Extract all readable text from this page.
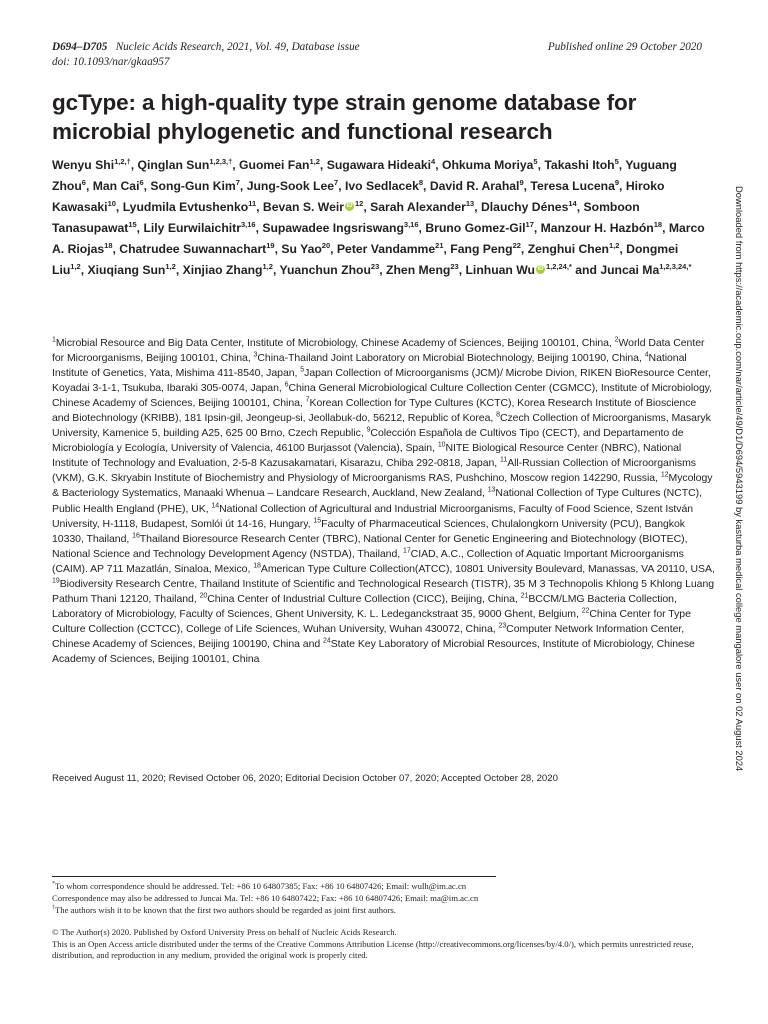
D694–D705 Nucleic Acids Research, 2021, Vol. 49, Database issue
doi: 10.1093/nar/gkaa957
Published online 29 October 2020
gcType: a high-quality type strain genome database for microbial phylogenetic and functional research

Wenyu Shi$^{1,2,\dagger}$, Qinglan Sun$^{1,2,3,\dagger}$, Guomei Fan$^{1,2}$, Sugawara Hideaki$^4$, Ohkuma Moriya$^5$, Takashi Itoh$^5$, Yuguang Zhou$^6$, Man Cai$^6$, Song-Gun Kim$^7$, Jung-Sook Lee$^7$, Ivo Sedlacek$^8$, David R. Arahal$^9$, Teresa Lucena$^9$, Hiroko Kawasaki$^{10}$, Lyudmila Evtushenko$^{11}$, Bevan S. Weir iD $^{12}$, Sarah Alexander$^{13}$, Dlauchy Dénes$^{14}$, Somboon Tanasupawat$^{15}$, Lily Eurwilaichitr$^{3,16}$, Supawadee Ingsriswang$^{3,16}$, Bruno Gomez-Gil$^{17}$, Manzour H. Hazbón$^{18}$, Marco A. Riojas$^{18}$, Chatrudee Suwannachart$^{19}$, Su Yao$^{20}$, Peter Vandamme$^{21}$, Fang Peng$^{22}$, Zenghui Chen$^{1,2}$, Dongmei Liu$^{1,2}$, Xiuqiang Sun$^{1,2}$, Xinjiao Zhang$^{1,2}$, Yuanchun Zhou$^{23}$, Zhen Meng$^{23}$, Linhuan Wu iD $^{1,2,24,*}$ and Juncai $Ma^{1,2,3,24,*}$

$^1$Microbial Resource and Big Data Center, Institute of Microbiology, Chinese Academy of Sciences, Beijing 100101, China, $^2$World Data Center for Microorganisms, Beijing 100101, China, $^3$China-Thailand Joint Laboratory on Microbial Biotechnology, Beijing 100190, China, $^4$National Institute of Genetics, Yata, Mishima 411-8540, Japan, $^5$Japan Collection of Microorganisms (JCM)/ Microbe Divion, RIKEN BioResource Center, Koyadai 3-1-1, Tsukuba, Ibaraki 305-0074, Japan, $^6$China General Microbiological Culture Collection Center (CGMCC), Institute of Microbiology, Chinese Academy of Sciences, Beijing 100101, China, $^7$Korean Collection for Type Cultures (KCTC), Korea Research Institute of Bioscience and Biotechnology (KRIBB), 181 Ipsin-gil, Jeongeup-si, Jeollabuk-do, 56212, Republic of Korea, $^8$Czech Collection of Microorganisms, Masaryk University, Kamenice 5, building A25, 625 00 Brno, Czech Republic, $^9$Colección Española de Cultivos Tipo (CECT), and Departamento de Microbiología y Ecología, University of Valencia, 46100 Burjassot (Valencia), Spain, $^{10}$NITE Biological Resource Center (NBRC), National Institute of Technology and Evaluation, 2-5-8 Kazusakamatari, Kisarazu, Chiba 292-0818, Japan, $^{11}$All-Russian Collection of Microorganisms (VKM), G.K. Skryabin Institute of Biochemistry and Physiology of Microorganisms RAS, Pushchino, Moscow region 142290, Russia, $^{12}$Mycology & Bacteriology Systematics, Manaaki Whenua – Landcare Research, Auckland, New Zealand, $^{13}$National Collection of Type Cultures (NCTC), Public Health England (PHE), UK, $^{14}$National Collection of Agricultural and Industrial Microorganisms, Faculty of Food Science, Szent István University, H-1118, Budapest, Somlói út 14-16, Hungary, $^{15}$Faculty of Pharmaceutical Sciences, Chulalongkorn University (PCU), Bangkok 10330, Thailand, $^{16}$Thailand Bioresource Research Center (TBRC), National Center for Genetic Engineering and Biotechnology (BIOTEC), National Science and Technology Development Agency (NSTDA), Thailand, $^{17}$CIAD, A.C., Collection of Aquatic Important Microorganisms (CAIM). AP 711 Mazatlán, Sinaloa, Mexico, $^{18}$American Type Culture Collection(ATCC), 10801 University Boulevard, Manassas, VA 20110, USA, $^{19}$Biodiversity Research Centre, Thailand Institute of Scientific and Technological Research (TISTR), 35 M 3 Technopolis Khlong 5 Khlong Luang Pathum Thani 12120, Thailand, $^{20}$China Center of Industrial Culture Collection (CICC), Beijing, China, $^{21}$BCCM/LMG Bacteria Collection, Laboratory of Microbiology, Faculty of Sciences, Ghent University, K. L. Ledeganckstraat 35, 9000 Ghent, Belgium, $^{22}$China Center for Type Culture Collection (CCTCC), College of Life Sciences, Wuhan University, Wuhan 430072, China, $^{23}$Computer Network Information Center, Chinese Academy of Sciences, Beijing 100190, China and $^{24}$State Key Laboratory of Microbial Resources, Institute of Microbiology, Chinese Academy of Sciences, Beijing 100101, China

Received August 11, 2020; Revised October 06, 2020; Editorial Decision October 07, 2020; Accepted October 28, 2020

*To whom correspondence should be addressed. Tel: +86 10 64807385; Fax: +86 10 64807426; Email: wulh@im.ac.cn

Correspondence may also be addressed to Juncai Ma. Tel: +86 10 64807422; Fax: +86 10 64807426; Email: ma@im.ac.cn

†The authors wish it to be known that the first two authors should be regarded as joint first authors.

© The Author(s) 2020. Published by Oxford University Press on behalf of Nucleic Acids Research.

This is an Open Access article distributed under the terms of the Creative Commons Attribution License (http://creativecommons.org/licenses/by/4.0/), which permits unrestricted reuse, distribution, and reproduction in any medium, provided the original work is properly cited.

Downloaded from https://academic.oup.com/nar/article/49/D1/D694/5943199 by kasturba medical college mangalore user on 02 August 2024
